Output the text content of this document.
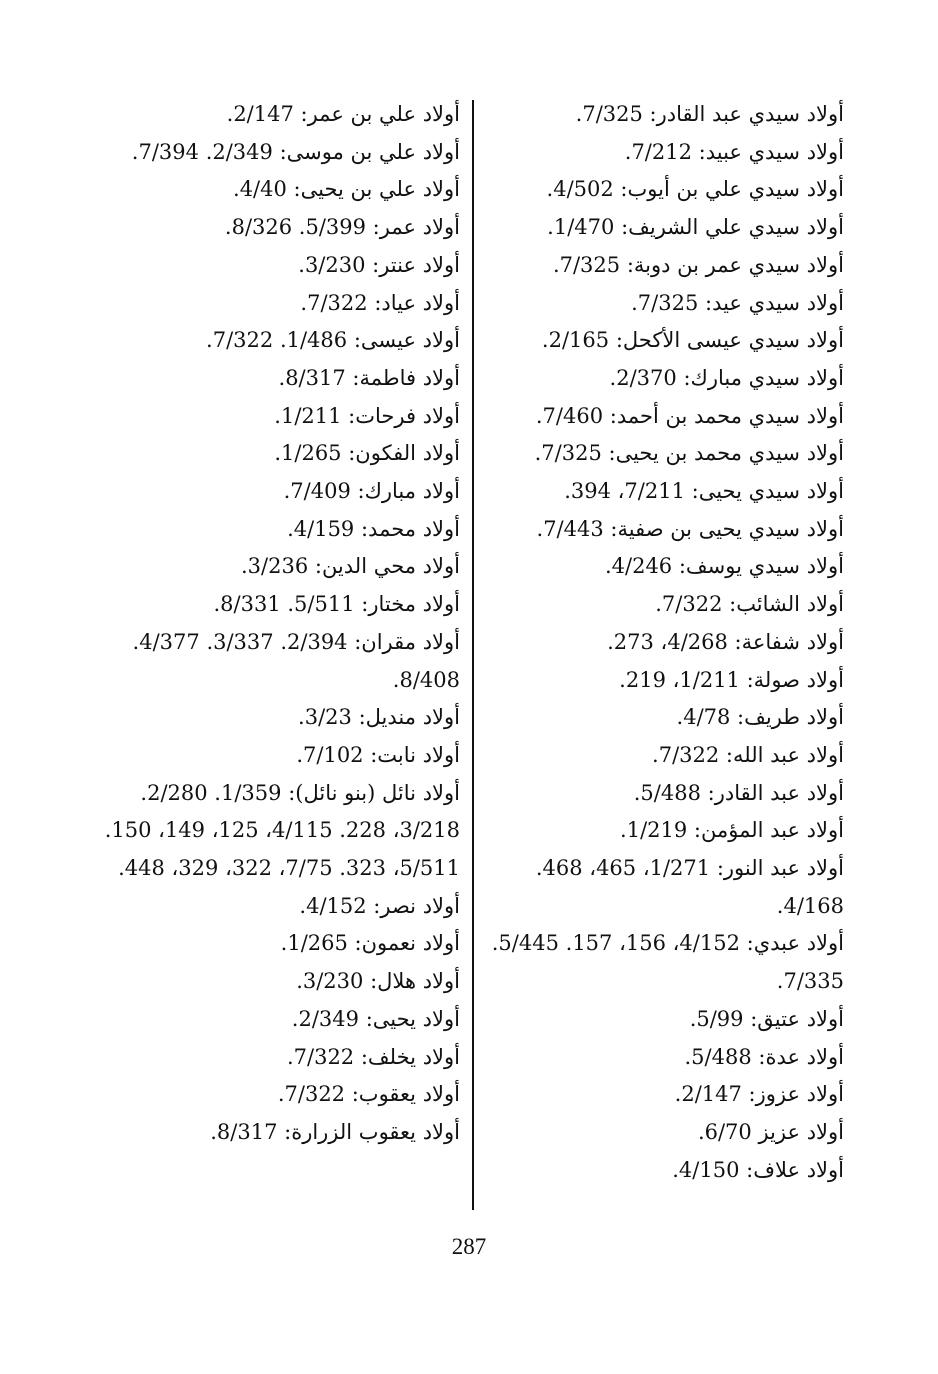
أولاد سيدي عبد القادر: 7/325.
أولاد سيدي عبيد: 7/212.
أولاد سيدي علي بن أيوب: 4/502.
أولاد سيدي علي الشريف: 1/470.
أولاد سيدي عمر بن دوبة: 7/325.
أولاد سيدي عيد: 7/325.
أولاد سيدي عيسى الأكحل: 2/165.
أولاد سيدي مبارك: 2/370.
أولاد سيدي محمد بن أحمد: 7/460.
أولاد سيدي محمد بن يحيى: 7/325.
أولاد سيدي يحيى: 7/211، 394.
أولاد سيدي يحيى بن صفية: 7/443.
أولاد سيدي يوسف: 4/246.
أولاد الشائب: 7/322.
أولاد شفاعة: 4/268، 273.
أولاد صولة: 1/211، 219.
أولاد طريف: 4/78.
أولاد عبد الله: 7/322.
أولاد عبد القادر: 5/488.
أولاد عبد المؤمن: 1/219.
أولاد عبد النور: 1/271، 465، 468. 4/168.
أولاد عبدي: 4/152، 156، 157. 5/445. 7/335.
أولاد عتيق: 5/99.
أولاد عدة: 5/488.
أولاد عزوز: 2/147.
أولاد عزيز 6/70.
أولاد علاف: 4/150.
أولاد علي بن عمر: 2/147.
أولاد علي بن موسى: 2/349. 7/394.
أولاد علي بن يحيى: 4/40.
أولاد عمر: 5/399. 8/326.
أولاد عنتر: 3/230.
أولاد عياد: 7/322.
أولاد عيسى: 1/486. 7/322.
أولاد فاطمة: 8/317.
أولاد فرحات: 1/211.
أولاد الفكون: 1/265.
أولاد مبارك: 7/409.
أولاد محمد: 4/159.
أولاد محي الدين: 3/236.
أولاد مختار: 5/511. 8/331.
أولاد مقران: 2/394. 3/337. 4/377. 8/408.
أولاد منديل: 3/23.
أولاد نابت: 7/102.
أولاد نائل (بنو نائل): 1/359. 2/280. 3/218، 228. 4/115، 125، 149، 150. 5/511، 323. 7/75، 322، 329، 448.
أولاد نصر: 4/152.
أولاد نعمون: 1/265.
أولاد هلال: 3/230.
أولاد يحيى: 2/349.
أولاد يخلف: 7/322.
أولاد يعقوب: 7/322.
أولاد يعقوب الزرارة: 8/317.
287
